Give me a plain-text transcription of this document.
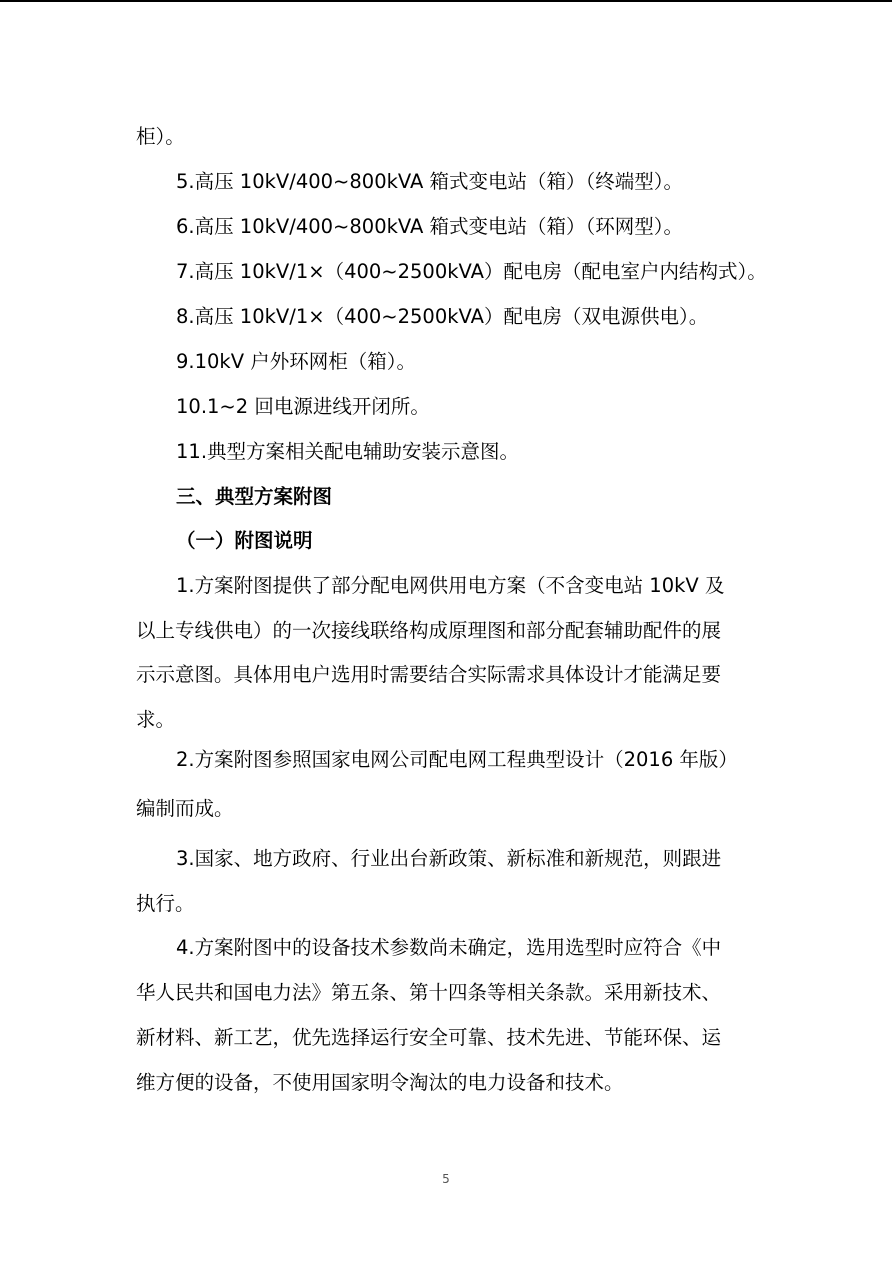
柜）。
5.高压 10kV/400~800kVA 箱式变电站（箱）（终端型）。
6.高压 10kV/400~800kVA 箱式变电站（箱）（环网型）。
7.高压 10kV/1×（400~2500kVA）配电房（配电室户内结构式）。
8.高压 10kV/1×（400~2500kVA）配电房（双电源供电）。
9.10kV 户外环网柜（箱）。
10.1~2 回电源进线开闭所。
11.典型方案相关配电辅助安装示意图。
三、典型方案附图
（一）附图说明
1.方案附图提供了部分配电网供用电方案（不含变电站 10kV 及
以上专线供电）的一次接线联络构成原理图和部分配套辅助配件的展
示示意图。具体用电户选用时需要结合实际需求具体设计才能满足要
求。
2.方案附图参照国家电网公司配电网工程典型设计（2016 年版）
编制而成。
3.国家、地方政府、行业出台新政策、新标准和新规范，则跟进
执行。
4.方案附图中的设备技术参数尚未确定，选用选型时应符合《中
华人民共和国电力法》第五条、第十四条等相关条款。采用新技术、
新材料、新工艺，优先选择运行安全可靠、技术先进、节能环保、运
维方便的设备，不使用国家明令淘汰的电力设备和技术。
5
